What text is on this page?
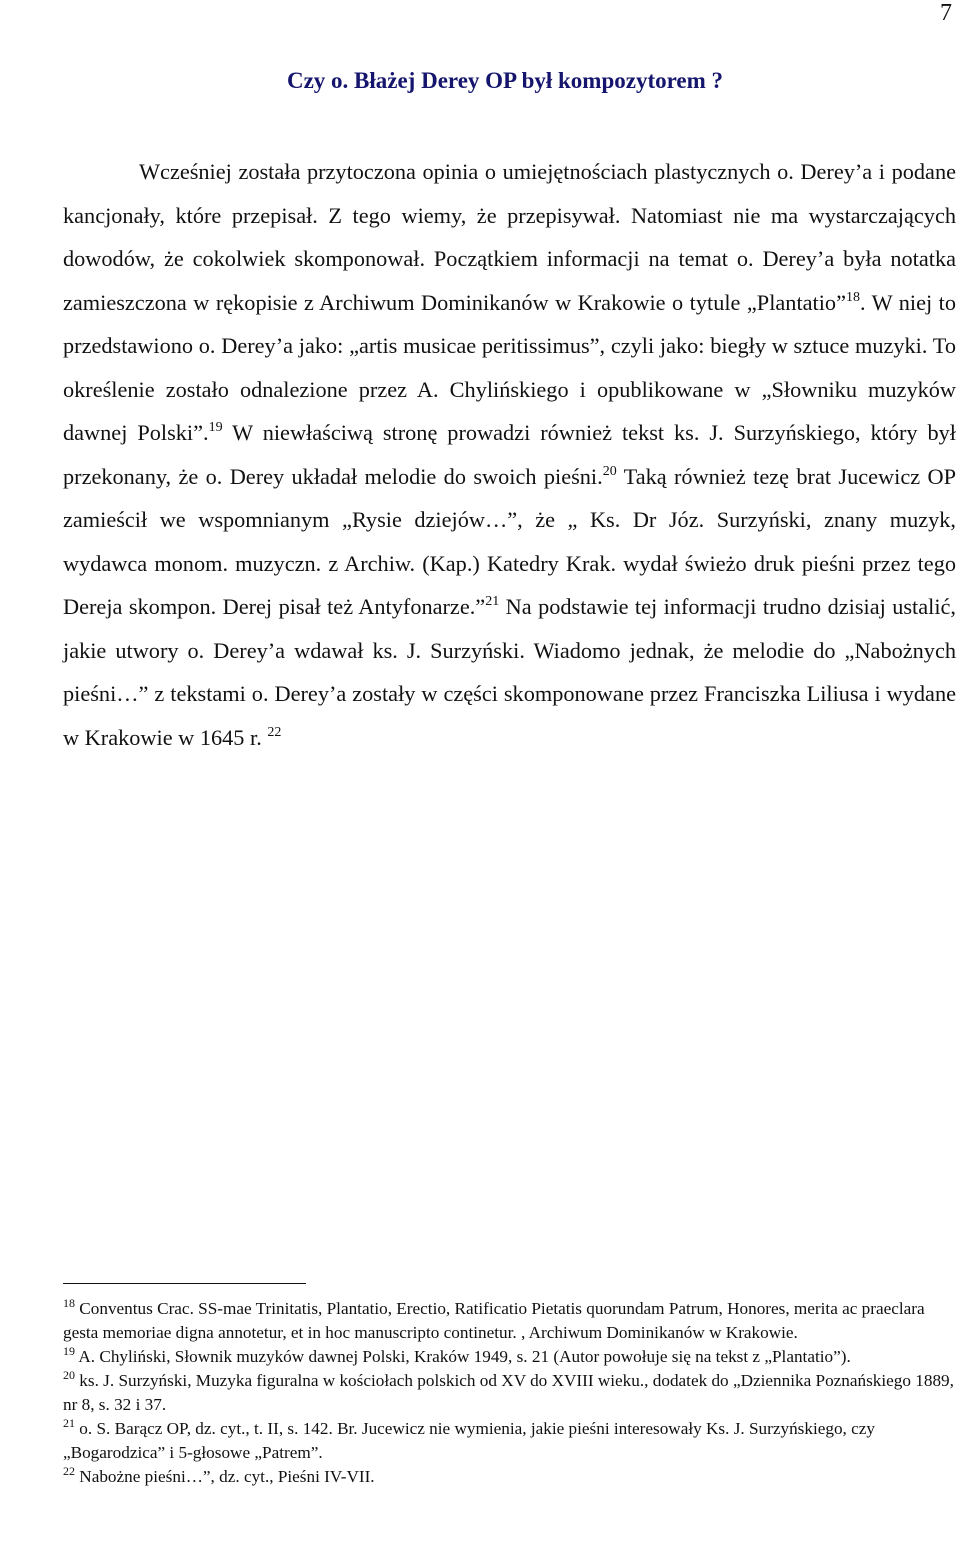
7
Czy o. Błażej Derey OP był kompozytorem ?

Wcześniej została przytoczona opinia o umiejętnościach plastycznych o. Derey’a i podane kancjonały, które przepisał. Z tego wiemy, że przepisywał. Natomiast nie ma wystarczających dowodów, że cokolwiek skomponował. Początkiem informacji na temat o. Derey’a była notatka zamieszczona w rękopisie z Archiwum Dominikanów w Krakowie o tytule „Plantatio”$^{18}$. W niej to przedstawiono o. Derey’a jako: „artis musicae peritissimus”, czyli jako: biegły w sztuce muzyki. To określenie zostało odnalezione przez A. Chylińskiego i opublikowane w „Słowniku muzyków dawnej Polski”.$^{19}$ W niewłaściwą stronę prowadzi również tekst ks. J. Surzyńskiego, który był przekonany, że o. Derey układał melodie do swoich pieśni.$^{20}$ Taką również tezę brat Jucewicz OP zamieścił we wspomnianym „Rysie dziejów…”, że „ Ks. Dr Józ. Surzyński, znany muzyk, wydawca monom. muzyczn. z Archiw. (Kap.) Katedry Krak. wydał świeżo druk pieśni przez tego Dereja skompon. Derej pisał też Antyfonarze.”$^{21}$ Na podstawie tej informacji trudno dzisiaj ustalić, jakie utwory o. Derey’a wdawał ks. J. Surzyński. Wiadomo jednak, że melodie do „Nabożnych pieśni…” z tekstami o. Derey’a zostały w części skomponowane przez Franciszka Liliusa i wydane w Krakowie w 1645 r. $^{22}$

$^{18}$ Conventus Crac. SS-mae Trinitatis, Plantatio, Erectio, Ratificatio Pietatis quorundam Patrum, Honores, merita ac praeclara gesta memoriae digna annotetur, et in hoc manuscripto continetur. , Archiwum Dominikanów w Krakowie.

$^{19}$ A. Chyliński, Słownik muzyków dawnej Polski, Kraków 1949, s. 21 (Autor powołuje się na tekst z „Plantatio”).

$^{20}$ ks. J. Surzyński, Muzyka figuralna w kościołach polskich od XV do XVIII wieku., dodatek do „Dziennika Poznańskiego 1889, nr 8, s. 32 i 37.

$^{21}$ o. S. Barącz OP, dz. cyt., t. II, s. 142. Br. Jucewicz nie wymienia, jakie pieśni interesowały Ks. J. Surzyńskiego, czy „Bogarodzica” i 5-głosowe „Patrem”.

$^{22}$ Nabożne pieśni…”, dz. cyt., Pieśni IV-VII.
